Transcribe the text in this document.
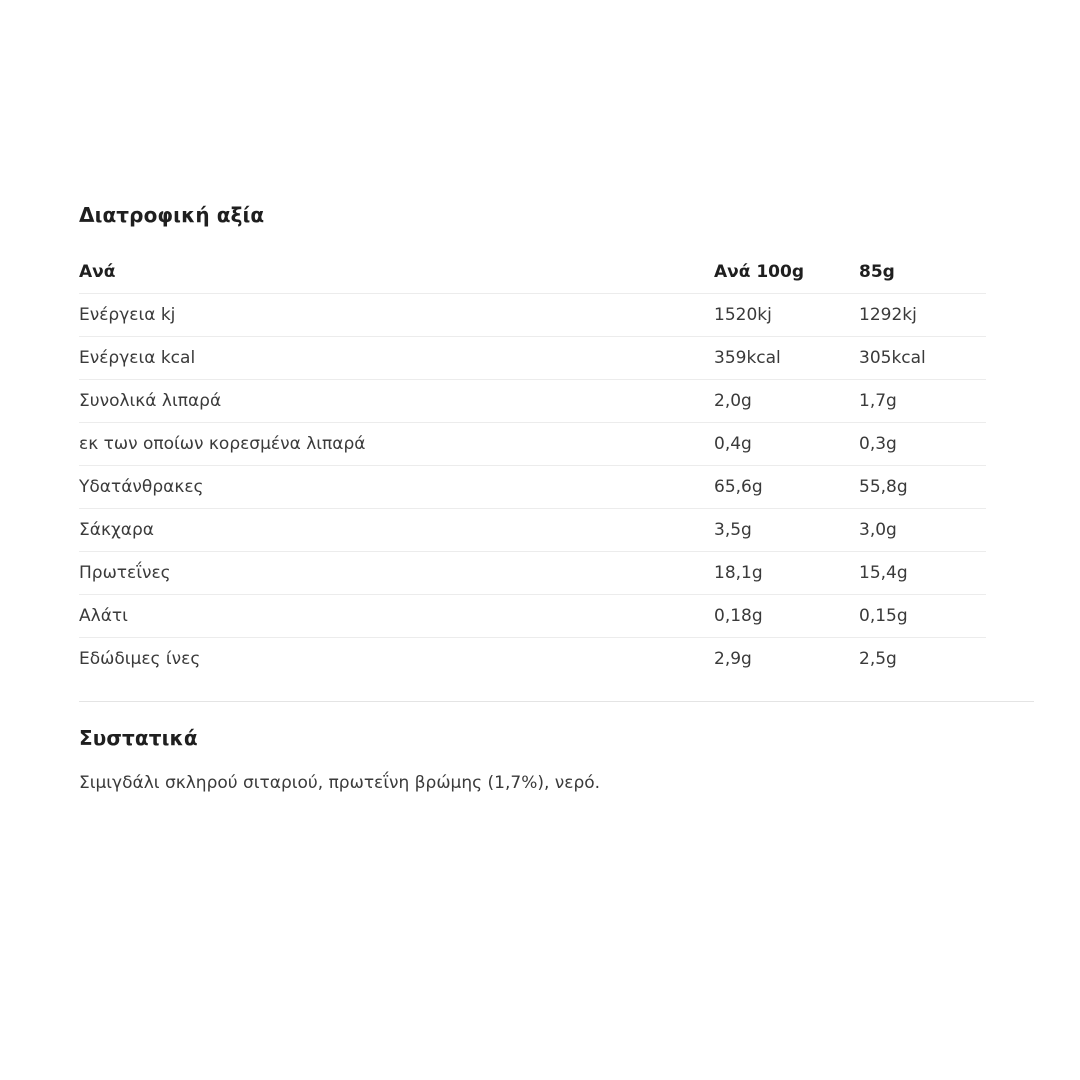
Διατροφική αξία
Ανά	Ανά 100g	85g
Ενέργεια kj	1520kj	1292kj
Ενέργεια kcal	359kcal	305kcal
Συνολικά λιπαρά	2,0g	1,7g
εκ των οποίων κορεσμένα λιπαρά	0,4g	0,3g
Υδατάνθρακες	65,6g	55,8g
Σάκχαρα	3,5g	3,0g
Πρωτεΐνες	18,1g	15,4g
Αλάτι	0,18g	0,15g
Εδώδιμες ίνες	2,9g	2,5g
Συστατικά

Σιμιγδάλι σκληρού σιταριού, πρωτεΐνη βρώμης (1,7%), νερό.
